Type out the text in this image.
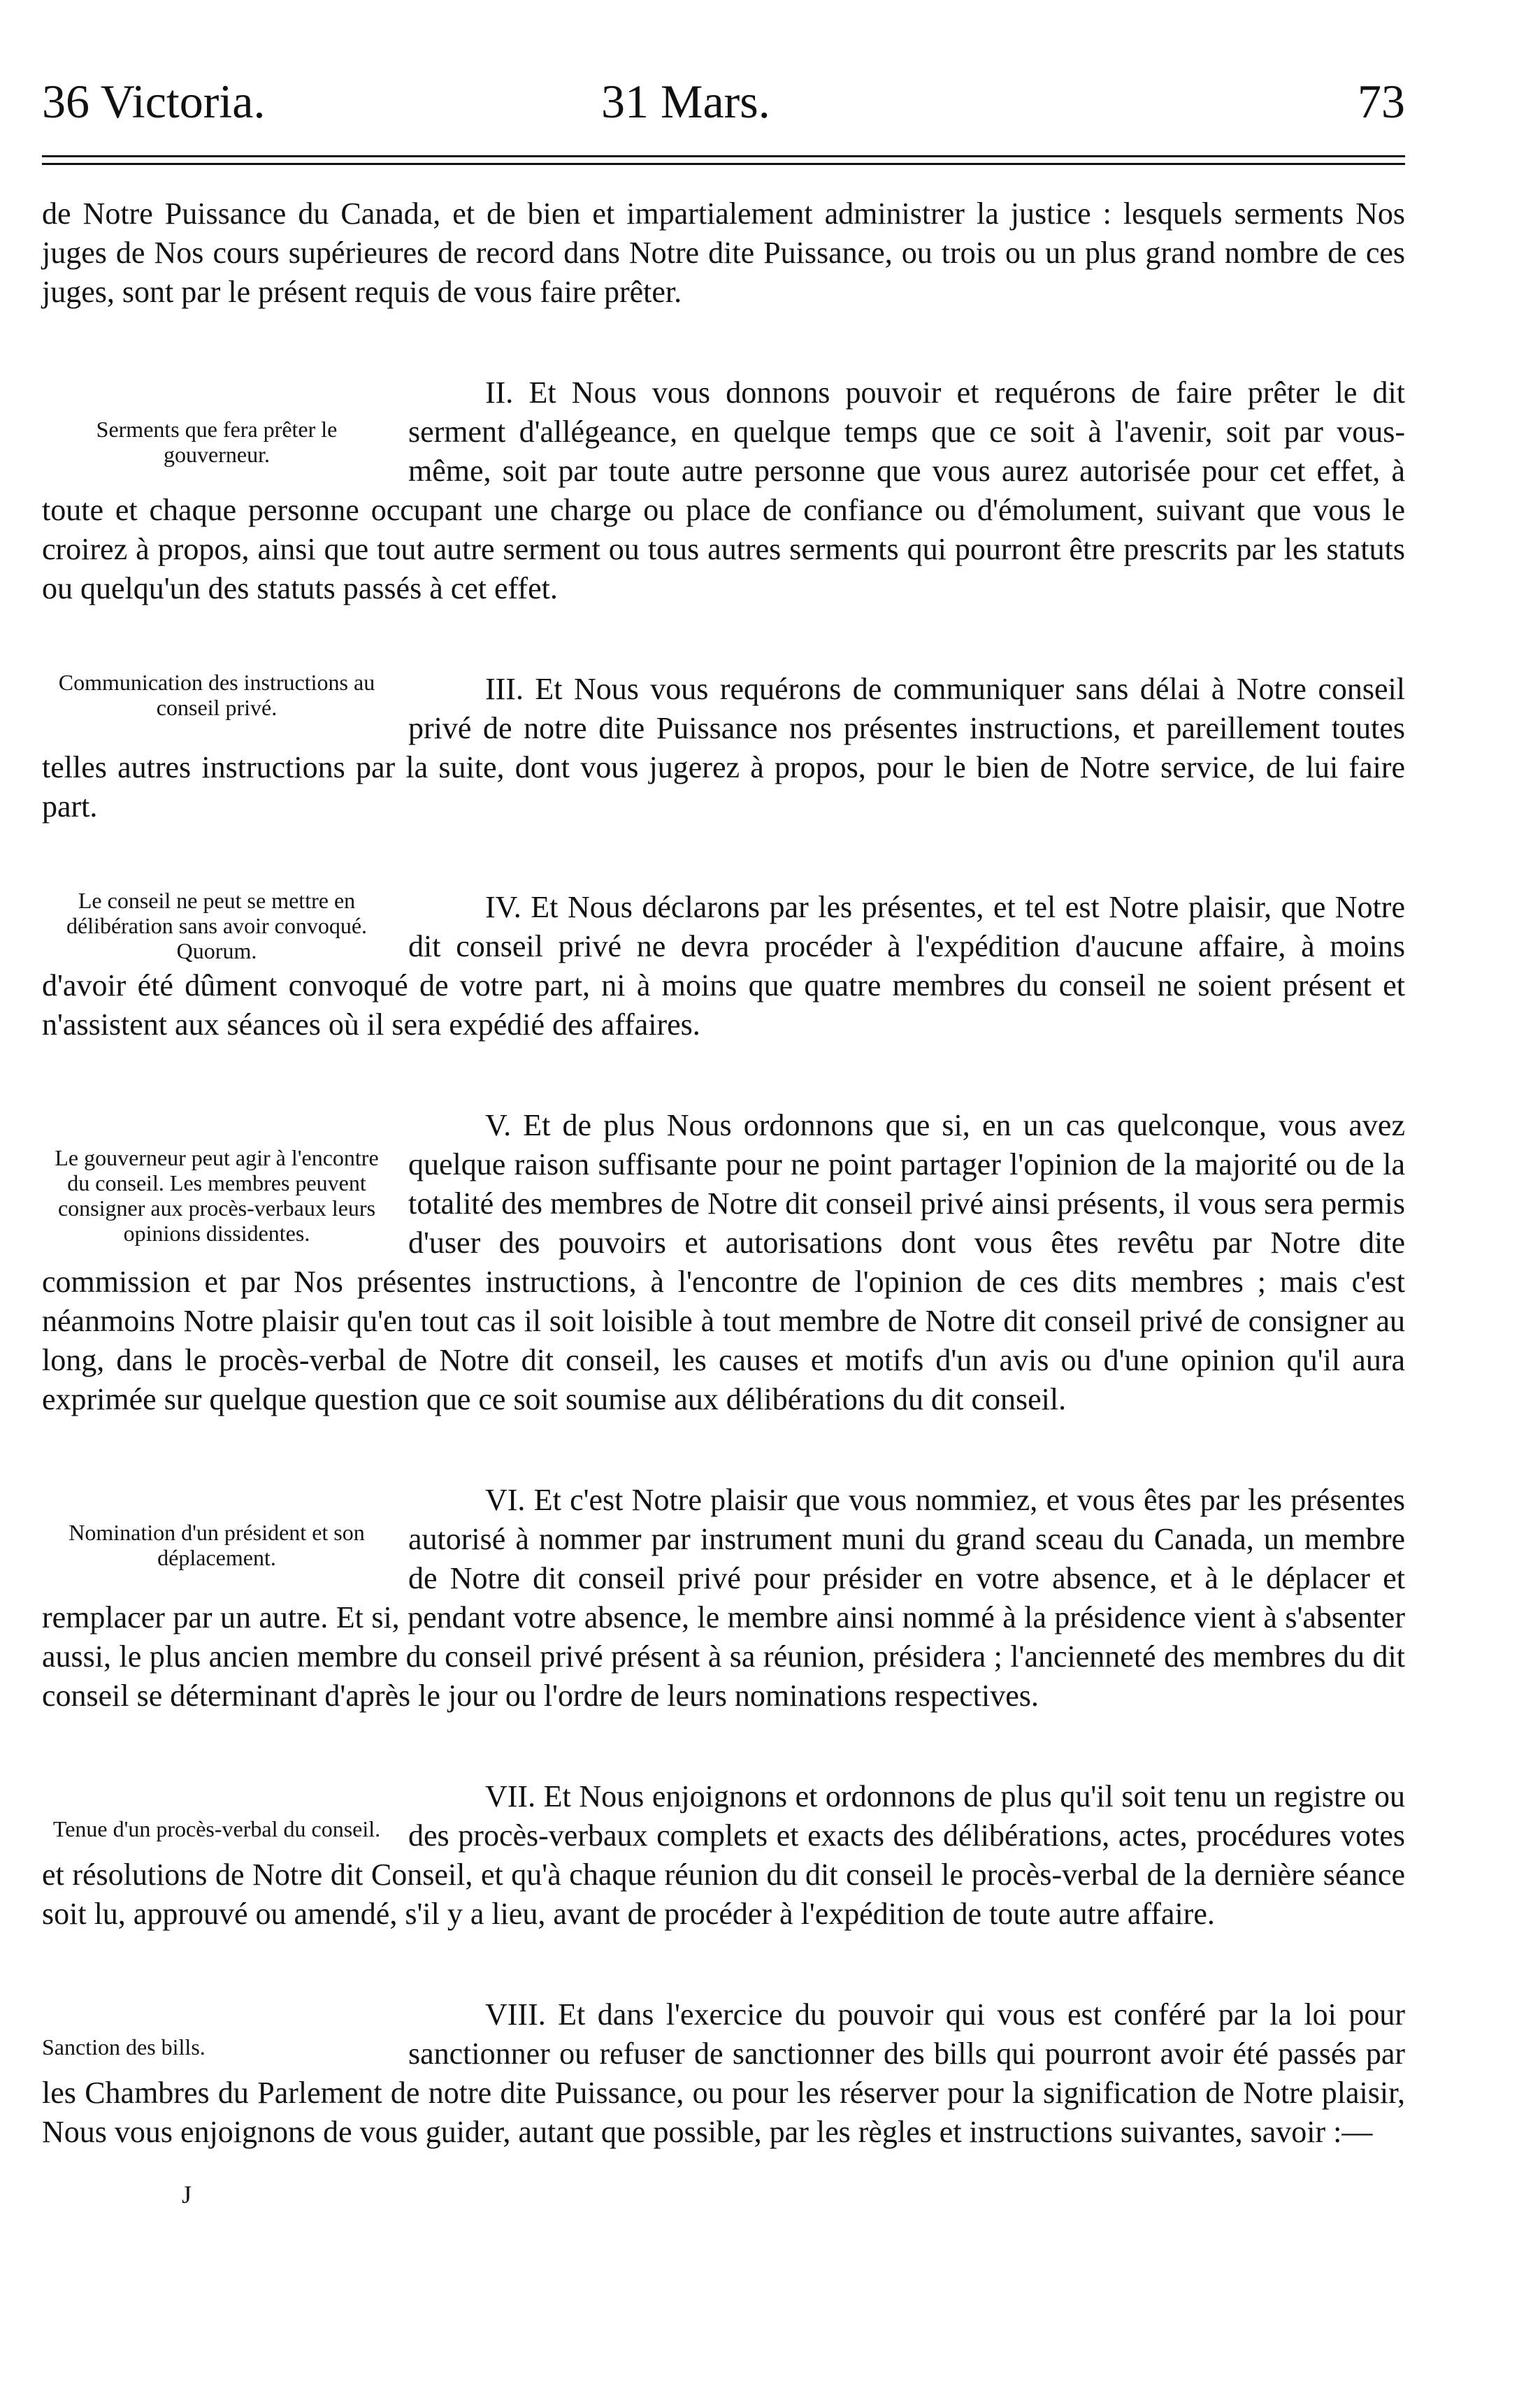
36 Victoria.	31 Mars.	73

de Notre Puissance du Canada, et de bien et impartialement administrer la justice : lesquels serments Nos juges de Nos cours supérieures de record dans Notre dite Puissance, ou trois ou un plus grand nombre de ces juges, sont par le présent requis de vous faire prêter.

Serments que fera prêter le gouverneur.

II. Et Nous vous donnons pouvoir et requérons de faire prêter le dit serment d'allégeance, en quelque temps que ce soit à l'avenir, soit par vous-même, soit par toute autre personne que vous aurez autorisée pour cet effet, à toute et chaque personne occupant une charge ou place de confiance ou d'émolument, suivant que vous le croirez à propos, ainsi que tout autre serment ou tous autres serments qui pourront être prescrits par les statuts ou quelqu'un des statuts passés à cet effet.

Communication des instructions au conseil privé.

III. Et Nous vous requérons de communiquer sans délai à Notre conseil privé de notre dite Puissance nos présentes instructions, et pareillement toutes telles autres instructions par la suite, dont vous jugerez à propos, pour le bien de Notre service, de lui faire part.

Le conseil ne peut se mettre en délibération sans avoir convoqué. Quorum.

IV. Et Nous déclarons par les présentes, et tel est Notre plaisir, que Notre dit conseil privé ne devra procéder à l'expédition d'aucune affaire, à moins d'avoir été dûment convoqué de votre part, ni à moins que quatre membres du conseil ne soient présent et n'assistent aux séances où il sera expédié des affaires.

Le gouverneur peut agir à l'encontre du conseil. Les membres peuvent consigner aux procès-verbaux leurs opinions dissidentes.

V. Et de plus Nous ordonnons que si, en un cas quelconque, vous avez quelque raison suffisante pour ne point partager l'opinion de la majorité ou de la totalité des membres de Notre dit conseil privé ainsi présents, il vous sera permis d'user des pouvoirs et autorisations dont vous êtes revêtu par Notre dite commission et par Nos présentes instructions, à l'encontre de l'opinion de ces dits membres ; mais c'est néanmoins Notre plaisir qu'en tout cas il soit loisible à tout membre de Notre dit conseil privé de consigner au long, dans le procès-verbal de Notre dit conseil, les causes et motifs d'un avis ou d'une opinion qu'il aura exprimée sur quelque question que ce soit soumise aux délibérations du dit conseil.

Nomination d'un président et son déplacement.

VI. Et c'est Notre plaisir que vous nommiez, et vous êtes par les présentes autorisé à nommer par instrument muni du grand sceau du Canada, un membre de Notre dit conseil privé pour présider en votre absence, et à le déplacer et remplacer par un autre. Et si, pendant votre absence, le membre ainsi nommé à la présidence vient à s'absenter aussi, le plus ancien membre du conseil privé présent à sa réunion, présidera ; l'ancienneté des membres du dit conseil se déterminant d'après le jour ou l'ordre de leurs nominations respectives.

Tenue d'un procès-verbal du conseil.

VII. Et Nous enjoignons et ordonnons de plus qu'il soit tenu un registre ou des procès-verbaux complets et exacts des délibérations, actes, procédures votes et résolutions de Notre dit Conseil, et qu'à chaque réunion du dit conseil le procès-verbal de la dernière séance soit lu, approuvé ou amendé, s'il y a lieu, avant de procéder à l'expédition de toute autre affaire.

Sanction des bills.

VIII. Et dans l'exercice du pouvoir qui vous est conféré par la loi pour sanctionner ou refuser de sanctionner des bills qui pourront avoir été passés par les Chambres du Parlement de notre dite Puissance, ou pour les réserver pour la signification de Notre plaisir, Nous vous enjoignons de vous guider, autant que possible, par les règles et instructions suivantes, savoir :—

J
